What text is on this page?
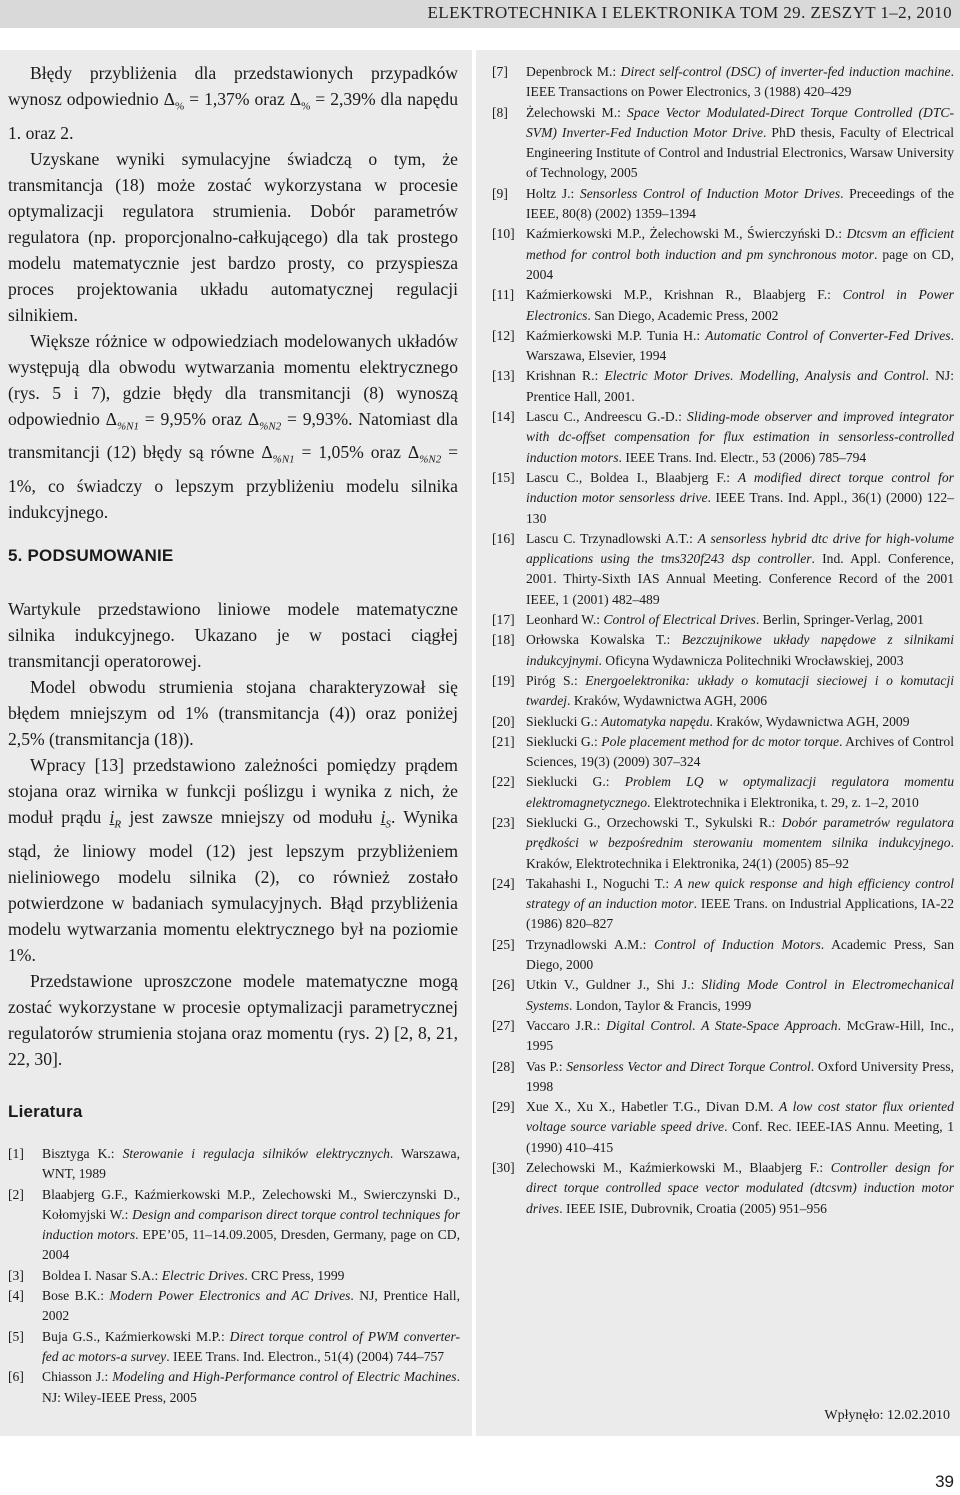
ELEKTROTECHNIKA I ELEKTRONIKA TOM 29. ZESZYT 1–2, 2010

Błędy przybliżenia dla przedstawionych przypadków wynosz odpowiednio $\Delta_{\%} = 1,37\%$ oraz $\Delta_{\%} = 2,39\%$ dla napędu 1. oraz 2.

Uzyskane wyniki symulacyjne świadczą o tym, że transmitancja (18) może zostać wykorzystana w procesie optymalizacji regulatora strumienia. Dobór parametrów regulatora (np. proporcjonalno-całkującego) dla tak prostego modelu matematycznie jest bardzo prosty, co przyspiesza proces projektowania układu automatycznej regulacji silnikiem.

Większe różnice w odpowiedziach modelowanych układów występują dla obwodu wytwarzania momentu elektrycznego (rys. 5 i 7), gdzie błędy dla transmitancji (8) wynoszą odpowiednio $\Delta_{\%N1} = 9,95\%$ oraz $\Delta_{\%N2} = 9,93\%$. Natomiast dla transmitancji (12) błędy są równe $\Delta_{\%N1} = 1,05\%$ oraz $\Delta_{\%N2} = 1\%$, co świadczy o lepszym przybliżeniu modelu silnika indukcyjnego.

5. PODSUMOWANIE

Wartykule przedstawiono liniowe modele matematyczne silnika indukcyjnego. Ukazano je w postaci ciągłej transmitancji operatorowej.

Model obwodu strumienia stojana charakteryzował się błędem mniejszym od 1% (transmitancja (4)) oraz poniżej 2,5% (transmitancja (18)).

Wpracy [13] przedstawiono zależności pomiędzy prądem stojana oraz wirnika w funkcji poślizgu i wynika z nich, że moduł prądu $i_R$ jest zawsze mniejszy od modułu $i_S$. Wynika stąd, że liniowy model (12) jest lepszym przybliżeniem nieliniowego modelu silnika (2), co również zostało potwierdzone w badaniach symulacyjnych. Błąd przybliżenia modelu wytwarzania momentu elektrycznego był na poziomie 1%.

Przedstawione uproszczone modele matematyczne mogą zostać wykorzystane w procesie optymalizacji parametrycznej regulatorów strumienia stojana oraz momentu (rys. 2) [2, 8, 21, 22, 30].

Lieratura
[1] Bisztyga K.: Sterowanie i regulacja silników elektrycznych. Warszawa, WNT, 1989
[2] Blaabjerg G.F., Kaźmierkowski M.P., Zelechowski M., Swierczynski D., Kołomyjski W.: Design and comparison direct torque control techniques for induction motors. EPE’05, 11–14.09.2005, Dresden, Germany, page on CD, 2004
[3] Boldea I. Nasar S.A.: Electric Drives. CRC Press, 1999
[4] Bose B.K.: Modern Power Electronics and AC Drives. NJ, Prentice Hall, 2002
[5] Buja G.S., Kaźmierkowski M.P.: Direct torque control of PWM converter-fed ac motors-a survey. IEEE Trans. Ind. Electron., 51(4) (2004) 744–757
[6] Chiasson J.: Modeling and High-Performance control of Electric Machines. NJ: Wiley-IEEE Press, 2005
[7] Depenbrock M.: Direct self-control (DSC) of inverter-fed induction machine. IEEE Transactions on Power Electronics, 3 (1988) 420–429
[8] Żelechowski M.: Space Vector Modulated-Direct Torque Controlled (DTC-SVM) Inverter-Fed Induction Motor Drive. PhD thesis, Faculty of Electrical Engineering Institute of Control and Industrial Electronics, Warsaw University of Technology, 2005
[9] Holtz J.: Sensorless Control of Induction Motor Drives. Preceedings of the IEEE, 80(8) (2002) 1359–1394
[10] Kaźmierkowski M.P., Żelechowski M., Świerczyński D.: Dtcsvm an efficient method for control both induction and pm synchronous motor. page on CD, 2004
[11] Kaźmierkowski M.P., Krishnan R., Blaabjerg F.: Control in Power Electronics. San Diego, Academic Press, 2002
[12] Kaźmierkowski M.P. Tunia H.: Automatic Control of Converter-Fed Drives. Warszawa, Elsevier, 1994
[13] Krishnan R.: Electric Motor Drives. Modelling, Analysis and Control. NJ: Prentice Hall, 2001.
[14] Lascu C., Andreescu G.-D.: Sliding-mode observer and improved integrator with dc-offset compensation for flux estimation in sensorless-controlled induction motors. IEEE Trans. Ind. Electr., 53 (2006) 785–794
[15] Lascu C., Boldea I., Blaabjerg F.: A modified direct torque control for induction motor sensorless drive. IEEE Trans. Ind. Appl., 36(1) (2000) 122–130
[16] Lascu C. Trzynadlowski A.T.: A sensorless hybrid dtc drive for high-volume applications using the tms320f243 dsp controller. Ind. Appl. Conference, 2001. Thirty-Sixth IAS Annual Meeting. Conference Record of the 2001 IEEE, 1 (2001) 482–489
[17] Leonhard W.: Control of Electrical Drives. Berlin, Springer-Verlag, 2001
[18] Orłowska Kowalska T.: Bezczujnikowe układy napędowe z silnikami indukcyjnymi. Oficyna Wydawnicza Politechniki Wrocławskiej, 2003
[19] Piróg S.: Energoelektronika: układy o komutacji sieciowej i o komutacji twardej. Kraków, Wydawnictwa AGH, 2006
[20] Sieklucki G.: Automatyka napędu. Kraków, Wydawnictwa AGH, 2009
[21] Sieklucki G.: Pole placement method for dc motor torque. Archives of Control Sciences, 19(3) (2009) 307–324
[22] Sieklucki G.: Problem LQ w optymalizacji regulatora momentu elektromagnetycznego. Elektrotechnika i Elektronika, t. 29, z. 1–2, 2010
[23] Sieklucki G., Orzechowski T., Sykulski R.: Dobór parametrów regulatora prędkości w bezpośrednim sterowaniu momentem silnika indukcyjnego. Kraków, Elektrotechnika i Elektronika, 24(1) (2005) 85–92
[24] Takahashi I., Noguchi T.: A new quick response and high efficiency control strategy of an induction motor. IEEE Trans. on Industrial Applications, IA-22 (1986) 820–827
[25] Trzynadlowski A.M.: Control of Induction Motors. Academic Press, San Diego, 2000
[26] Utkin V., Guldner J., Shi J.: Sliding Mode Control in Electromechanical Systems. London, Taylor & Francis, 1999
[27] Vaccaro J.R.: Digital Control. A State-Space Approach. McGraw-Hill, Inc., 1995
[28] Vas P.: Sensorless Vector and Direct Torque Control. Oxford University Press, 1998
[29] Xue X., Xu X., Habetler T.G., Divan D.M. A low cost stator flux oriented voltage source variable speed drive. Conf. Rec. IEEE-IAS Annu. Meeting, 1 (1990) 410–415
[30] Zelechowski M., Kaźmierkowski M., Blaabjerg F.: Controller design for direct torque controlled space vector modulated (dtcsvm) induction motor drives. IEEE ISIE, Dubrovnik, Croatia (2005) 951–956
Wpłynęło: 12.02.2010
39
